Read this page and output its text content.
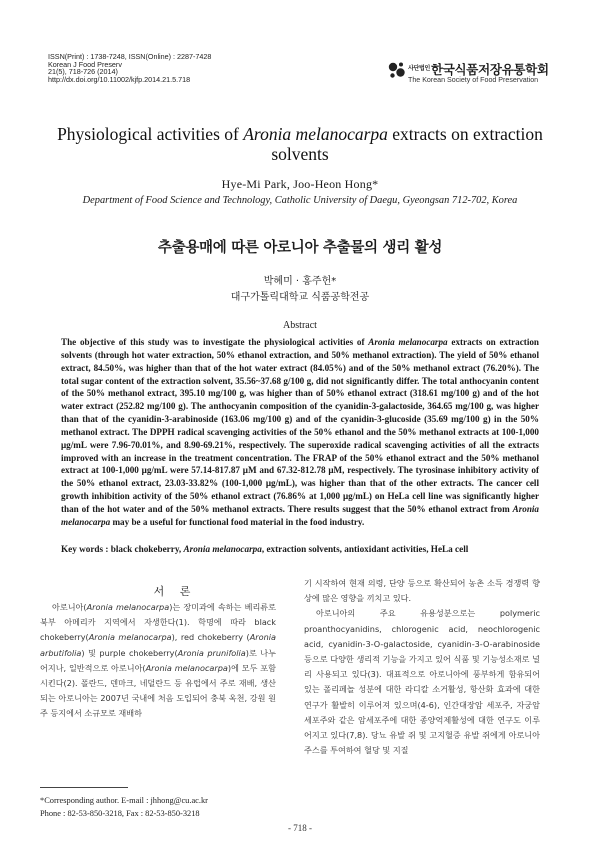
ISSN(Print) : 1738-7248, ISSN(Online) : 2287-7428
Korean J Food Preserv
21(5), 718-726 (2014)
http://dx.doi.org/10.11002/kjfp.2014.21.5.718
$^{사단법인}$한국식품저장유통학회
The Korean Society of Food Preservation
Physiological activities of Aronia melanocarpa extracts on extraction solvents
Hye-Mi Park, Joo-Heon Hong*
Department of Food Science and Technology, Catholic University of Daegu, Gyeongsan 712-702, Korea
추출용매에 따른 아로니아 추출물의 생리 활성
박혜미 · 홍주헌*
대구가톨릭대학교 식품공학전공
Abstract
The objective of this study was to investigate the physiological activities of Aronia melanocarpa extracts on extraction solvents (through hot water extraction, 50% ethanol extraction, and 50% methanol extraction). The yield of 50% ethanol extract, 84.50%, was higher than that of the hot water extract (84.05%) and of the 50% methanol extract (76.20%). The total sugar content of the extraction solvent, 35.56~37.68 g/100 g, did not significantly differ. The total anthocyanin content of the 50% methanol extract, 395.10 mg/100 g, was higher than of 50% ethanol extract (318.61 mg/100 g) and of the hot water extract (252.82 mg/100 g). The anthocyanin composition of the cyanidin-3-galactoside, 364.65 mg/100 g, was higher than that of the cyanidin-3-arabinoside (163.06 mg/100 g) and of the cyanidin-3-glucoside (35.69 mg/100 g) in the 50% methanol extract. The DPPH radical scavenging activities of the 50% ethanol and the 50% methanol extracts at 100-1,000 μg/mL were 7.96-70.01%, and 8.90-69.21%, respectively. The superoxide radical scavenging activities of all the extracts improved with an increase in the treatment concentration. The FRAP of the 50% ethanol extract and the 50% methanol extract at 100-1,000 μg/mL were 57.14-817.87 μM and 67.32-812.78 μM, respectively. The tyrosinase inhibitory activity of the 50% ethanol extract, 23.03-33.82% (100-1,000 μg/mL), was higher than that of the other extracts. The cancer cell growth inhibition activity of the 50% ethanol extract (76.86% at 1,000 μg/mL) on HeLa cell line was significantly higher than of the hot water and of the 50% methanol extracts. There results suggest that the 50% ethanol extract from Aronia melanocarpa may be a useful for functional food material in the food industry.
Key words : black chokeberry, Aronia melanocarpa, extraction solvents, antioxidant activities, HeLa cell
서 론

아로니아(Aronia melanocarpa)는 장미과에 속하는 베리류로 북부 아메리카 지역에서 자생한다(1). 학명에 따라 black chokeberry(Aronia melanocarpa), red chokeberry (Aronia arbutifolia) 및 purple chokeberry(Aronia prunifolia)로 나누어지나, 일반적으로 아로니아(Aronia melanocarpa)에 모두 포함시킨다(2). 폴란드, 덴마크, 네덜란드 등 유럽에서 주로 재배, 생산되는 아로니아는 2007년 국내에 처음 도입되어 충북 옥천, 강원 원주 등지에서 소규모로 재배하

기 시작하여 현재 의령, 단양 등으로 확산되어 농촌 소득 경쟁력 향상에 많은 영향을 끼치고 있다.

아로니아의 주요 유용성분으로는 polymeric proanthocyanidins, chlorogenic acid, neochlorogenic acid, cyanidin-3-O-galactoside, cyanidin-3-O-arabinoside등으로 다양한 생리적 기능을 가지고 있어 식품 및 기능성소재로 널리 사용되고 있다(3). 대표적으로 아로니아에 풍부하게 함유되어 있는 폴리페놀 성분에 대한 라디칼 소거활성, 항산화 효과에 대한 연구가 활발히 이루어져 있으며(4-6), 인간대장암 세포주, 자궁암 세포주와 같은 암세포주에 대한 종양억제활성에 대한 연구도 이루어지고 있다(7,8). 당뇨 유발 쥐 및 고지혈증 유발 쥐에게 아로니아 주스를 투여하여 혈당 및 지질

*Corresponding author. E-mail : jhhong@cu.ac.kr
Phone : 82-53-850-3218, Fax : 82-53-850-3218
- 718 -
